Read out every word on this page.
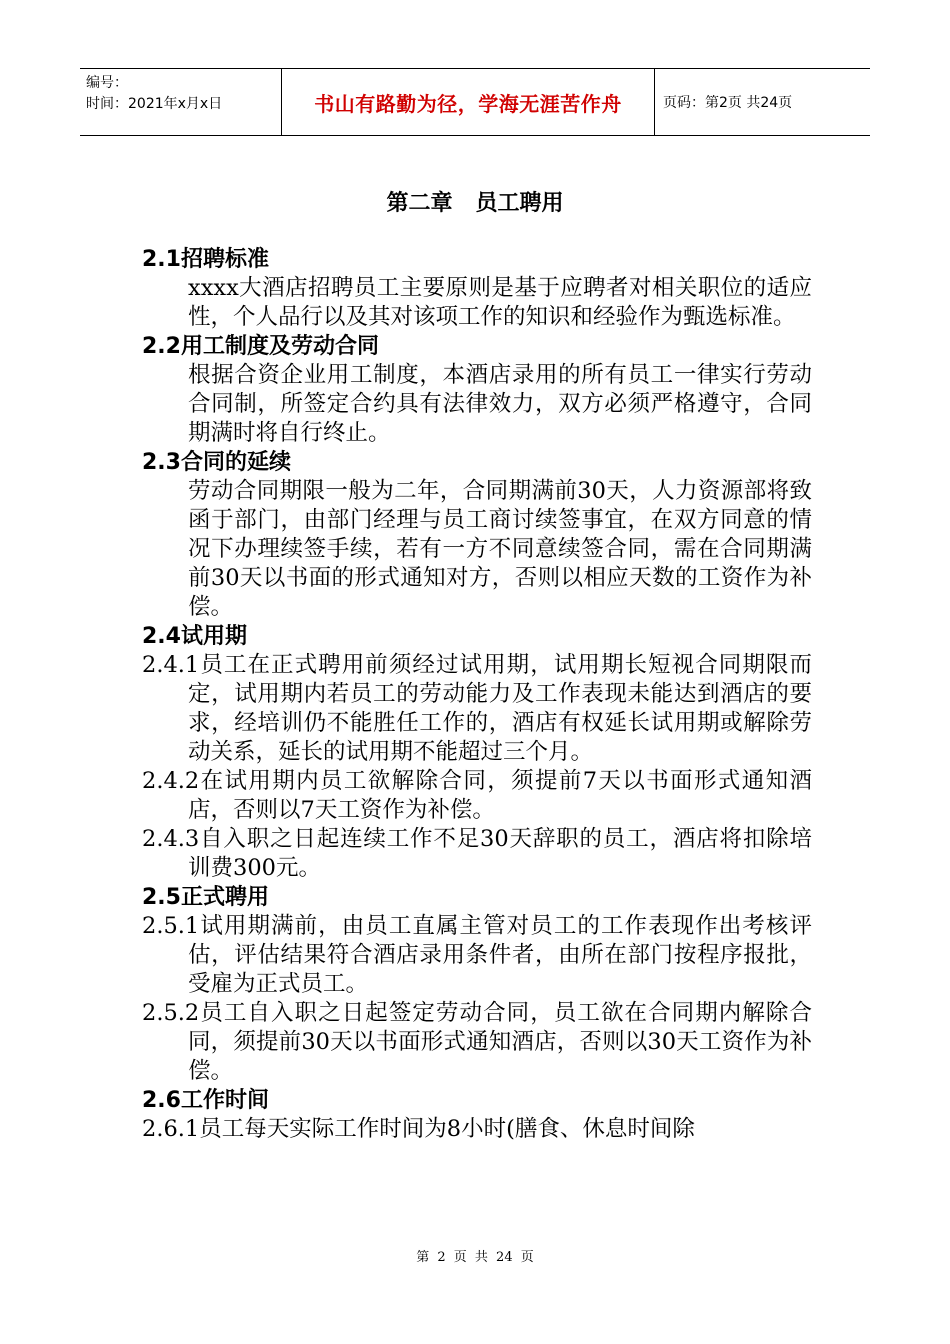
编号：
时间：2021年x月x日	书山有路勤为径，学海无涯苦作舟	页码：第2页 共24页
第二章   员工聘用

2.1招聘标准

xxxx大酒店招聘员工主要原则是基于应聘者对相关职位的适应性，个人品行以及其对该项工作的知识和经验作为甄选标准。

2.2用工制度及劳动合同

根据合资企业用工制度，本酒店录用的所有员工一律实行劳动合同制，所签定合约具有法律效力，双方必须严格遵守，合同期满时将自行终止。

2.3合同的延续

劳动合同期限一般为二年，合同期满前30天，人力资源部将致函于部门，由部门经理与员工商讨续签事宜，在双方同意的情况下办理续签手续，若有一方不同意续签合同，需在合同期满前30天以书面的形式通知对方，否则以相应天数的工资作为补偿。

2.4试用期

2.4.1员工在正式聘用前须经过试用期，试用期长短视合同期限而定，试用期内若员工的劳动能力及工作表现未能达到酒店的要求，经培训仍不能胜任工作的，酒店有权延长试用期或解除劳动关系，延长的试用期不能超过三个月。

2.4.2在试用期内员工欲解除合同，须提前7天以书面形式通知酒店，否则以7天工资作为补偿。

2.4.3自入职之日起连续工作不足30天辞职的员工，酒店将扣除培训费300元。

2.5正式聘用

2.5.1试用期满前，由员工直属主管对员工的工作表现作出考核评估，评估结果符合酒店录用条件者，由所在部门按程序报批，受雇为正式员工。

2.5.2员工自入职之日起签定劳动合同，员工欲在合同期内解除合同，须提前30天以书面形式通知酒店，否则以30天工资作为补偿。

2.6工作时间

2.6.1员工每天实际工作时间为8小时(膳食、休息时间除

第 2 页 共 24 页
